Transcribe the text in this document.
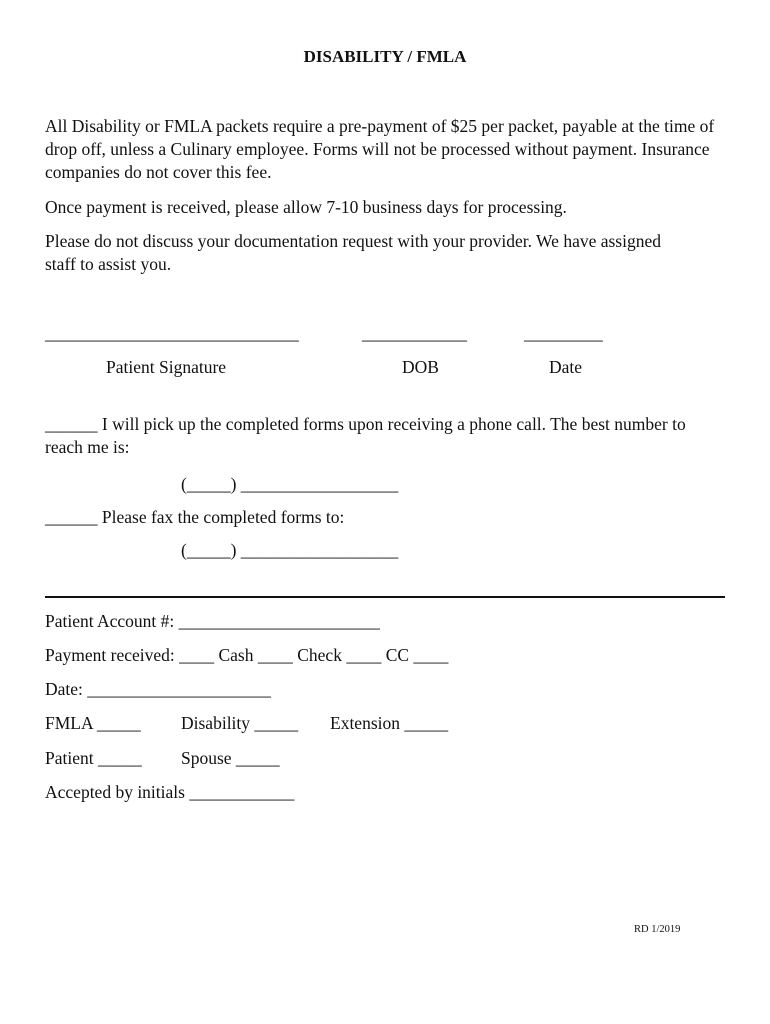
DISABILITY / FMLA
All Disability or FMLA packets require a pre-payment of $25 per packet, payable at the time of drop off, unless a Culinary employee. Forms will not be processed without payment. Insurance companies do not cover this fee.
Once payment is received, please allow 7-10 business days for processing.
Please do not discuss your documentation request with your provider. We have assigned staff to assist you.
_____________________________	____________	_________
Patient Signature	DOB	Date
______ I will pick up the completed forms upon receiving a phone call. The best number to reach me is:
(_____) __________________
______ Please fax the completed forms to:
(_____) __________________
Patient Account #: _______________________
Payment received: ____ Cash ____ Check ____ CC ____
Date: _____________________
FMLA _____ Disability _____ Extension _____
Patient _____ Spouse _____
Accepted by initials ____________
RD 1/2019
